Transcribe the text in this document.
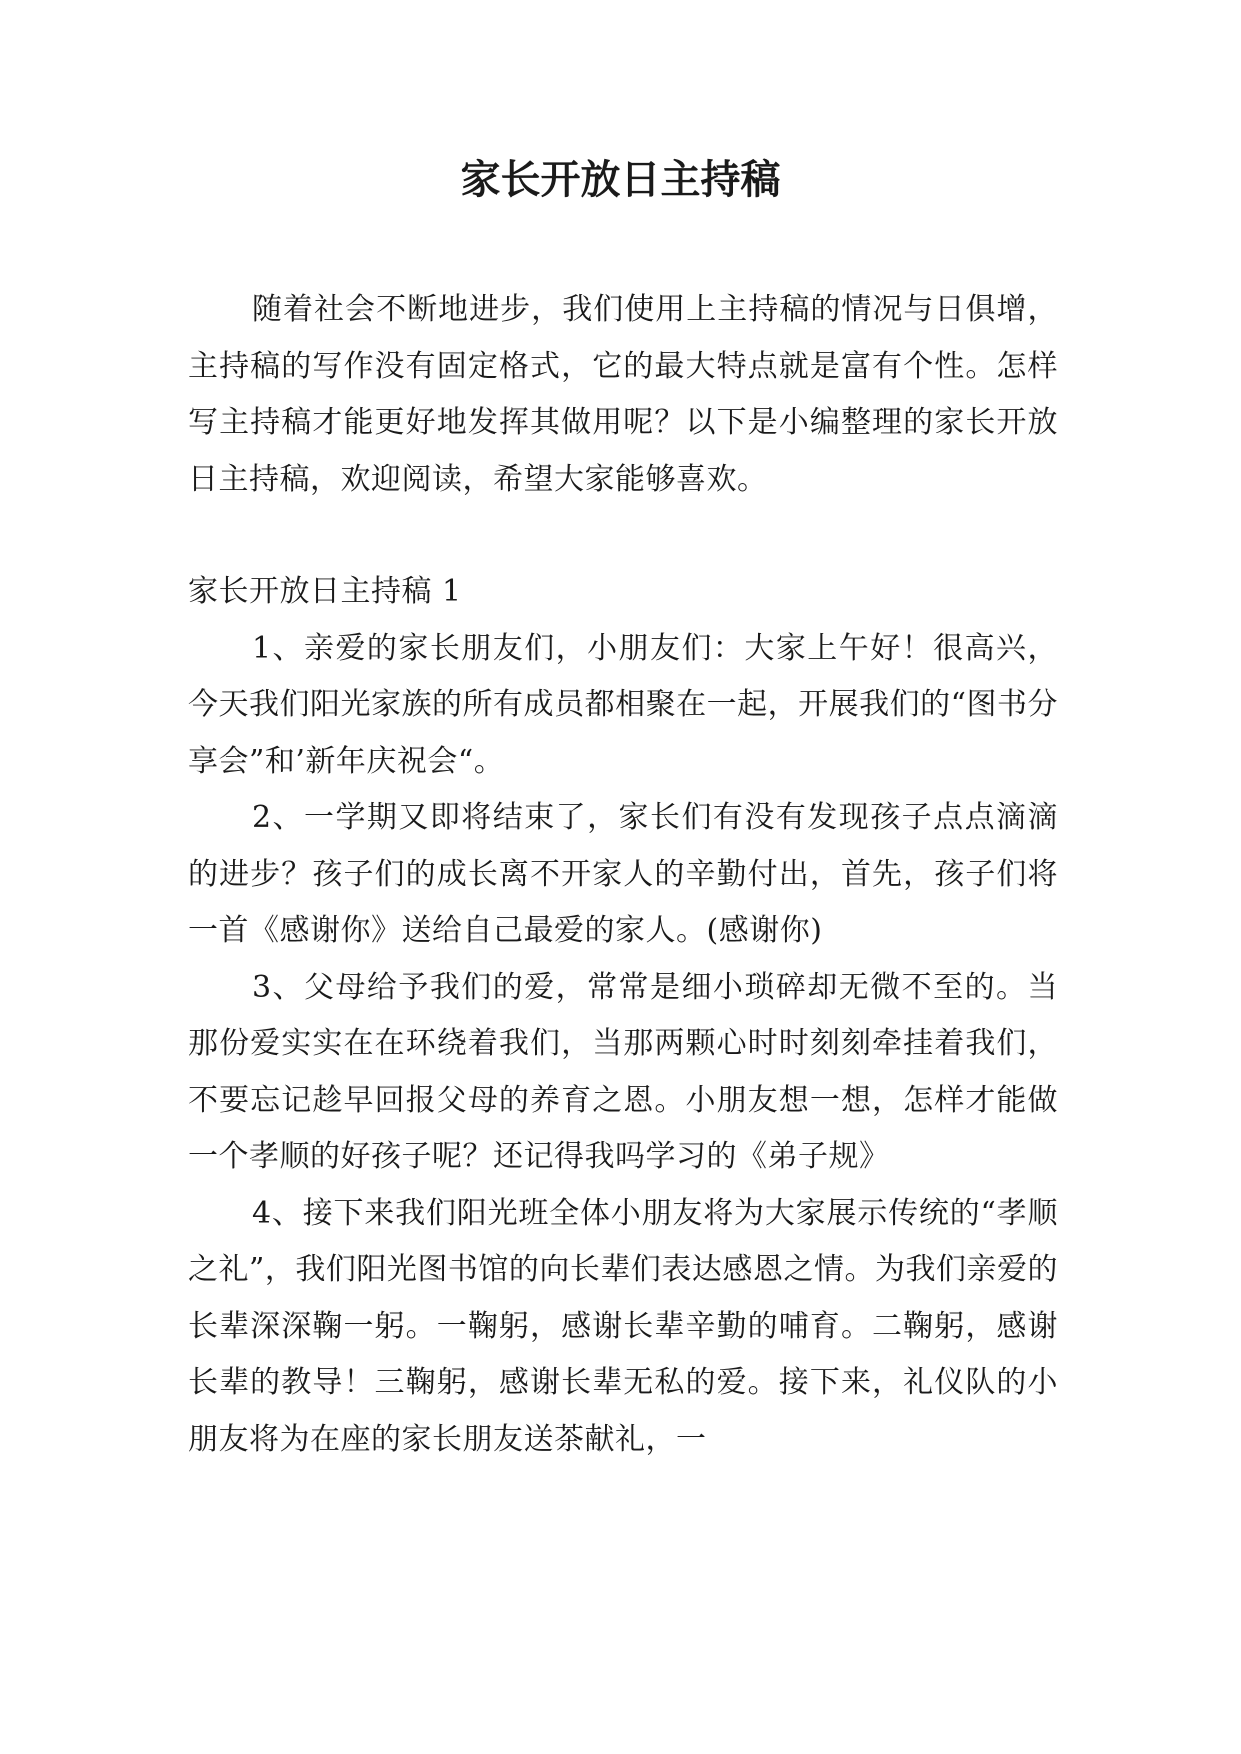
家长开放日主持稿

随着社会不断地进步，我们使用上主持稿的情况与日俱增，主持稿的写作没有固定格式，它的最大特点就是富有个性。怎样写主持稿才能更好地发挥其做用呢？以下是小编整理的家长开放日主持稿，欢迎阅读，希望大家能够喜欢。

家长开放日主持稿 1

1、亲爱的家长朋友们，小朋友们：大家上午好！很高兴，今天我们阳光家族的所有成员都相聚在一起，开展我们的“图书分享会”和’新年庆祝会“。

2、一学期又即将结束了，家长们有没有发现孩子点点滴滴的进步？孩子们的成长离不开家人的辛勤付出，首先，孩子们将一首《感谢你》送给自己最爱的家人。(感谢你)

3、父母给予我们的爱，常常是细小琐碎却无微不至的。当那份爱实实在在环绕着我们，当那两颗心时时刻刻牵挂着我们，不要忘记趁早回报父母的养育之恩。小朋友想一想，怎样才能做一个孝顺的好孩子呢？还记得我吗学习的《弟子规》

4、接下来我们阳光班全体小朋友将为大家展示传统的“孝顺之礼”，我们阳光图书馆的向长辈们表达感恩之情。为我们亲爱的长辈深深鞠一躬。一鞠躬，感谢长辈辛勤的哺育。二鞠躬，感谢长辈的教导！三鞠躬，感谢长辈无私的爱。接下来，礼仪队的小朋友将为在座的家长朋友送茶献礼，一
